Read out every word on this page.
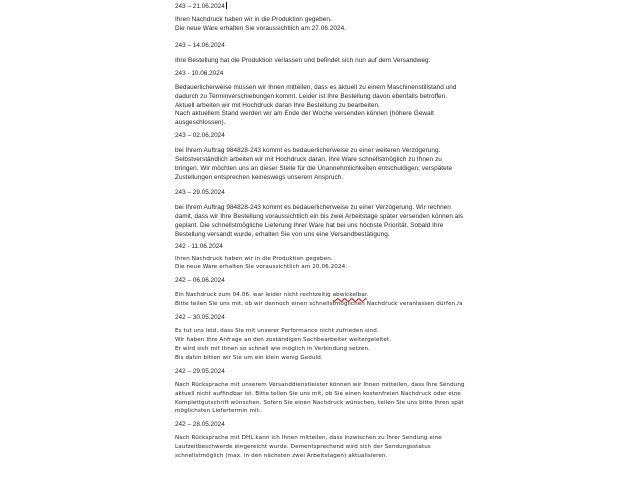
243 – 21.06.2024
Ihren Nachdruck haben wir in die Produktion gegeben.
Die neue Ware erhalten Sie voraussichtlich am 27.06.2024.
243 – 14.06.2024
Ihre Bestellung hat die Produktion verlassen und befindet sich nun auf dem Versandweg.
243 - 10.06.2024
Bedauerlicherweise müssen wir Ihnen mitteilen, dass es aktuell zu einem Maschinenstillstand und
dadurch zu Terminverschiebungen kommt. Leider ist Ihre Bestellung davon ebenfalls betroffen.
Aktuell arbeiten wir mit Hochdruck daran Ihre Bestellung zu bearbeiten.
Nach aktuellem Stand werden wir am Ende der Woche versenden können (höhere Gewalt
ausgeschlossen).
243 – 02.06.2024
bei Ihrem Auftrag 984828-243 kommt es bedauerlicherweise zu einer weiteren Verzögerung.
Selbstverständlich arbeiten wir mit Hochdruck daran, Ihre Ware schnellstmöglich zu Ihnen zu
bringen. Wir möchten uns an dieser Stelle für die Unannehmlichkeiten entschuldigen; verspätete
Zustellungen entsprechen keineswegs unserem Anspruch.
243 – 29.05.2024
bei Ihrem Auftrag 984828-243 kommt es bedauerlicherweise zu einer Verzögerung. Wir rechnen
damit, dass wir Ihre Bestellung voraussichtlich ein bis zwei Arbeitstage später versenden können als
geplant. Die schnellstmögliche Lieferung Ihrer Ware hat bei uns höchste Priorität. Sobald Ihre
Bestellung versandt wurde, erhalten Sie von uns eine Versandbestätigung.
242 - 11.06.2024
Ihren Nachdruck haben wir in die Produktion gegeben.
Die neue Ware erhalten Sie voraussichtlich am 20.06.2024.
242 – 06.06.2024
Ein Nachdruck zum 04.06. war leider nicht rechtzeitig abwickelbar.
Bitte teilen Sie uns mit, ob wir dennoch einen schnellstmöglichen Nachdruck veranlassen dürfen./a
242 – 30.05.2024
Es tut uns leid, dass Sie mit unserer Performance nicht zufrieden sind.
Wir haben Ihre Anfrage an den zuständigen Sachbearbeiter weitergeleitet.
Er wird sich mit Ihnen so schnell wie möglich in Verbindung setzen.
Bis dahin bitten wir Sie um ein klein wenig Geduld.
242 – 29.05.2024
Nach Rücksprache mit unserem Versanddienstleister können wir Ihnen mitteilen, dass Ihre Sendung
aktuell nicht auffindbar ist. Bitte teilen Sie uns mit, ob Sie einen kostenfreien Nachdruck oder eine
Komplettgutschrift wünschen. Sofern Sie einen Nachdruck wünschen, teilen Sie uns bitte Ihren spät
möglichsten Liefertermin mit.
242 – 28.05.2024
Nach Rücksprache mit DHL kann ich Ihnen mitteilen, dass inzwischen zu Ihrer Sendung eine
Laufzeitbeschwerde eingereicht wurde. Dementsprechend wird sich der Sendungsstatus
schnellstmöglich (max. in den nächsten zwei Arbeitstagen) aktualisieren.
